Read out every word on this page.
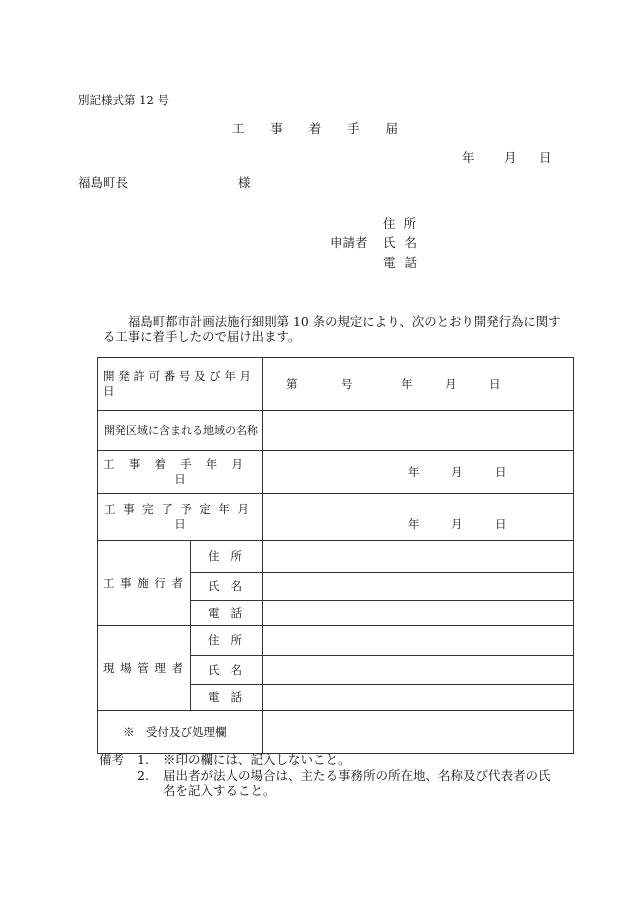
別記様式第 12 号
工 事 着 手 届
年 月 日
福島町長	様
申請者
住 所
氏 名
電 話
福島町都市計画法施行細則第 10 条の規定により、次のとおり開発行為に関す
る工事に着手したので届け出ます。
開 発 許 可 番 号 及 び 年 月
日		第 号 年 月 日

開発区域に含まれる地域の名称		

工 事 着 手 年 月
日		年 月 日

工 事 完 了 予 定 年 月
日		年 月 日

工 事 施 行 者	住 所	

	氏 名	

	電 話	

現 場 管 理 者	住 所	

	氏 名	

	電 話	

※　受付及び処理欄		
備考 1. ※印の欄には、記入しないこと。
2. 届出者が法人の場合は、主たる事務所の所在地、名称及び代表者の氏
名を記入すること。
